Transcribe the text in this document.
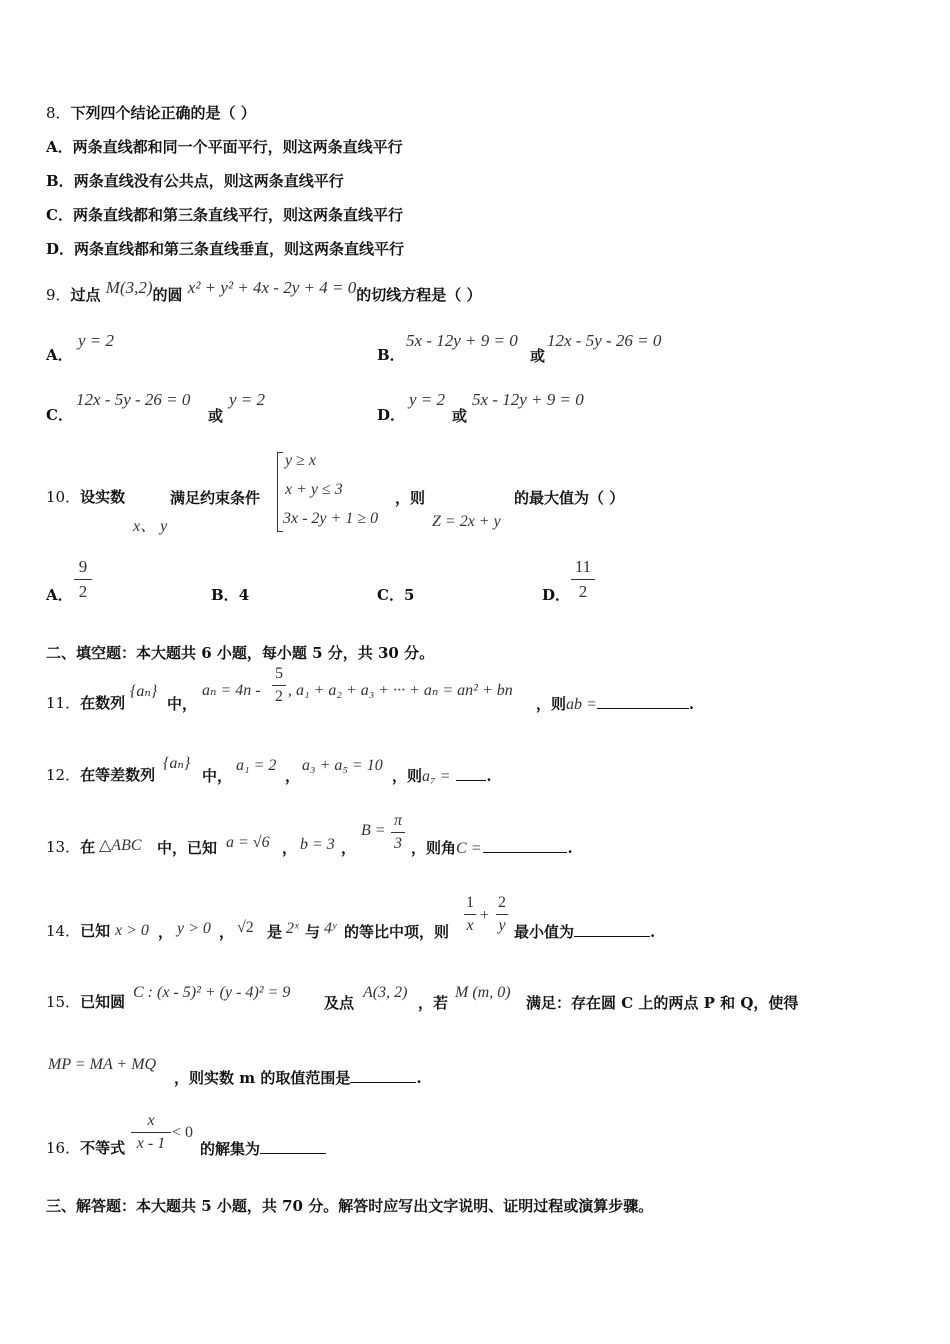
8．下列四个结论正确的是（ ）
A．两条直线都和同一个平面平行，则这两条直线平行
B．两条直线没有公共点，则这两条直线平行
C．两条直线都和第三条直线平行，则这两条直线平行
D．两条直线都和第三条直线垂直，则这两条直线平行
9．过点 M(3,2)的圆 x² + y² + 4x - 2y + 4 = 0的切线方程是（ ）
A．
y = 2
B．
5x - 12y + 9 = 0
或
12x - 5y - 26 = 0
C．
12x - 5y - 26 = 0
或
y = 2
D．
y = 2
或
5x - 12y + 9 = 0
10．设实数
x、 y
满足约束条件
y ≥ x
x + y ≤ 3
3x - 2y + 1 ≥ 0
，则
Z = 2x + y
的最大值为（ ）
A．
9
2	B．4	C．5	D．
11
2
二、填空题：本大题共 6 小题，每小题 5 分，共 30 分。
11．在数列
{aₙ}
中，
aₙ = 4n -
5
2 , a₁ + a₂ + a₃ + ··· + aₙ = an² + bn
，则ab =	.
12．在等差数列
{aₙ}
中，
a₁ = 2
，
a₃ + a₅ = 10
，则a₇ = .
13．在 △ABC 中，已知 a = √6 ， b = 3 ，
B =
π
3 ，则角C =	.
14．已知 x > 0 ， y > 0 ， √2 是 2ˣ 与 4ʸ 的等比中项，则
1
x
+
2
y 最小值为	.
15．已知圆
C : (x - 5)² + (y - 4)² = 9
及点
A(3, 2)
，若
M (m, 0)
满足：存在圆 C 上的两点 P 和 Q，使得
MP = MA + MQ
，则实数 m 的取值范围是	.
16．不等式
x
x - 1
< 0
的解集为
三、解答题：本大题共 5 小题，共 70 分。解答时应写出文字说明、证明过程或演算步骤。
